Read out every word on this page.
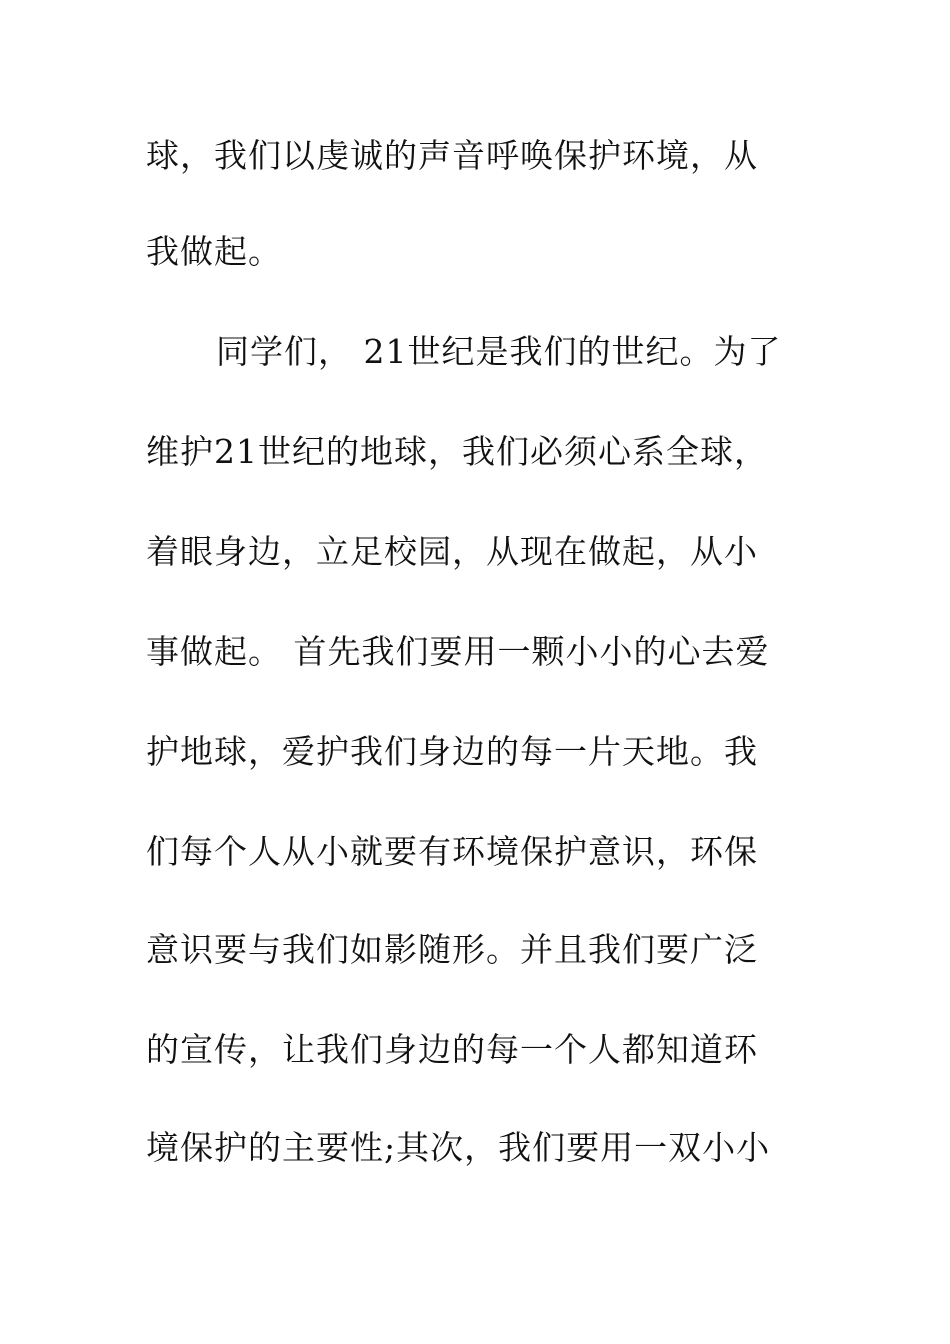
球，我们以虔诚的声音呼唤保护环境，从
我做起。
同学们， 21世纪是我们的世纪。为了
维护21世纪的地球，我们必须心系全球，
着眼身边，立足校园，从现在做起，从小
事做起。 首先我们要用一颗小小的心去爱
护地球，爱护我们身边的每一片天地。我
们每个人从小就要有环境保护意识，环保
意识要与我们如影随形。并且我们要广泛
的宣传，让我们身边的每一个人都知道环
境保护的主要性;其次，我们要用一双小小
